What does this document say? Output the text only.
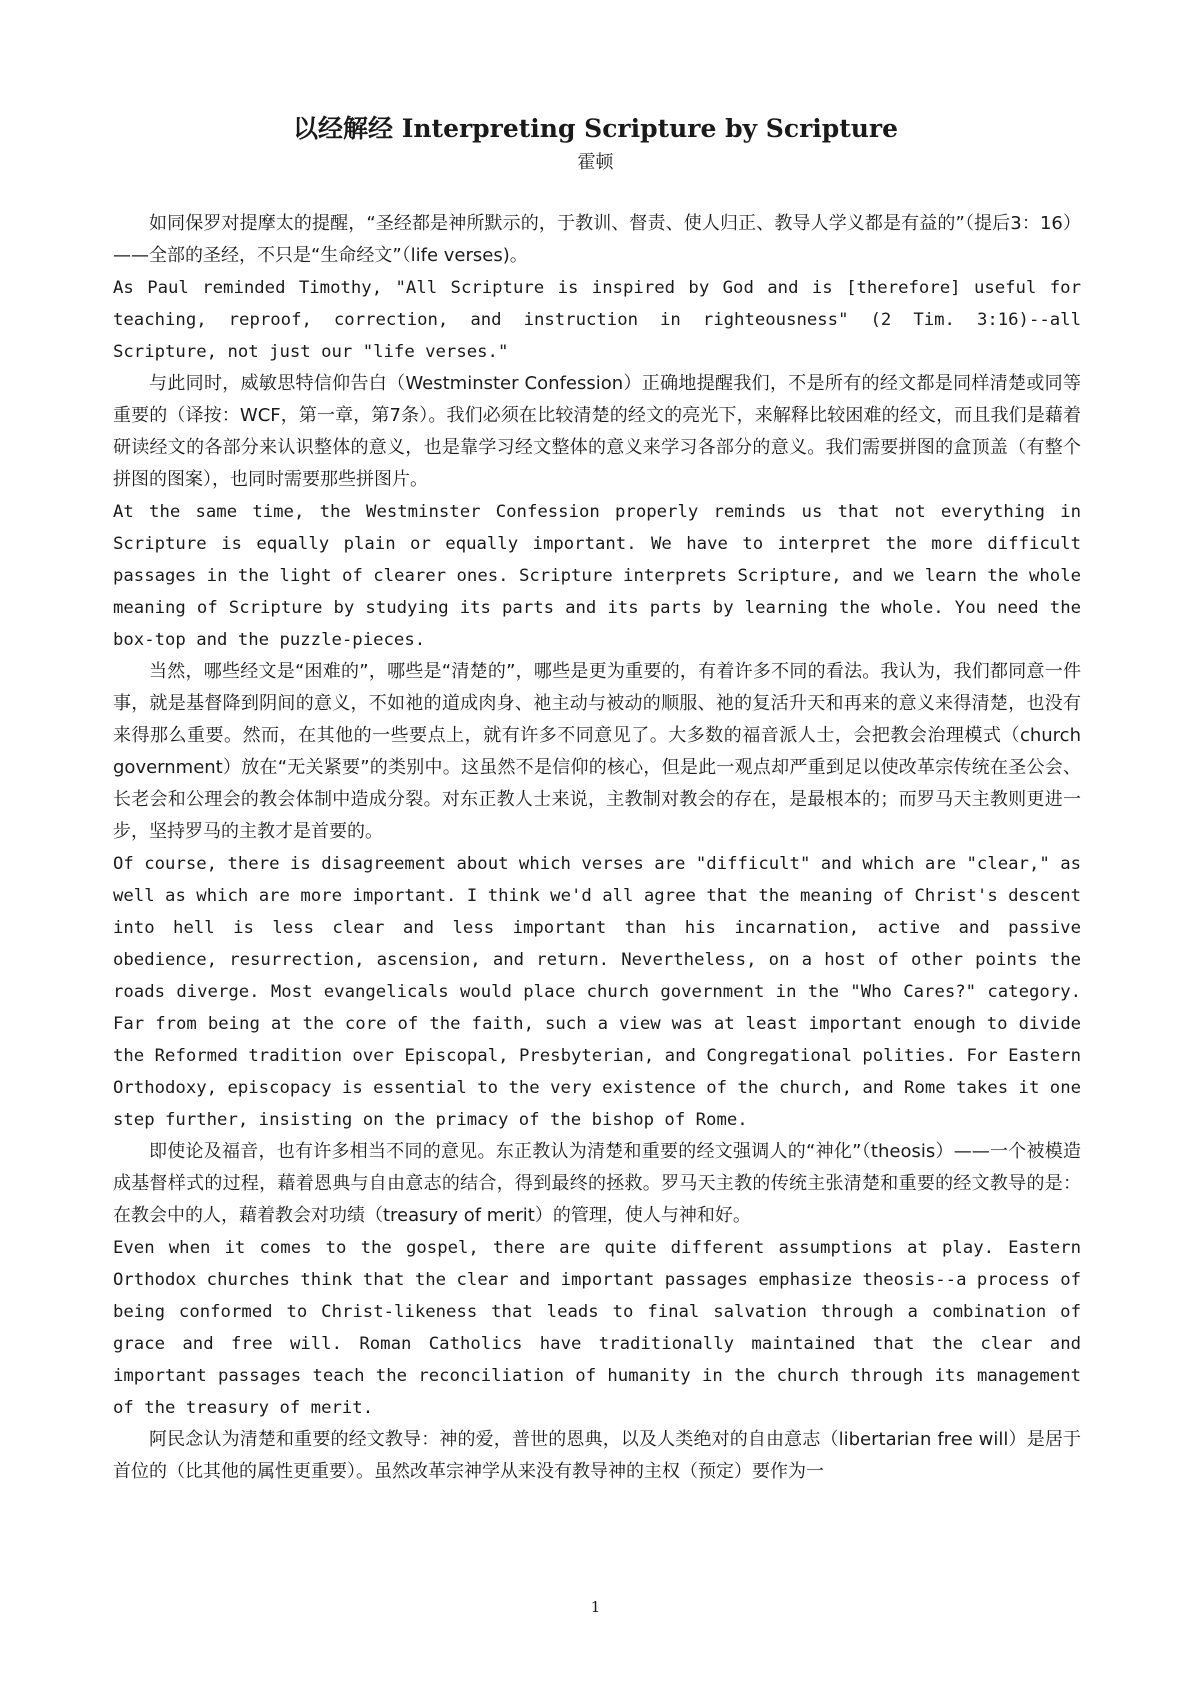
以经解经 Interpreting Scripture by Scripture
霍顿

如同保罗对提摩太的提醒，“圣经都是神所默示的，于教训、督责、使人归正、教导人学义都是有益的”（提后3：16）——全部的圣经，不只是“生命经文”（life verses)。

As Paul reminded Timothy, "All Scripture is inspired by God and is [therefore] useful for teaching, reproof, correction, and instruction in righteousness" (2 Tim. 3:16)--all Scripture, not just our "life verses."

与此同时，威敏思特信仰告白（Westminster Confession）正确地提醒我们，不是所有的经文都是同样清楚或同等重要的（译按：WCF，第一章，第7条）。我们必须在比较清楚的经文的亮光下，来解释比较困难的经文，而且我们是藉着研读经文的各部分来认识整体的意义，也是靠学习经文整体的意义来学习各部分的意义。我们需要拼图的盒顶盖（有整个拼图的图案），也同时需要那些拼图片。

At the same time, the Westminster Confession properly reminds us that not everything in Scripture is equally plain or equally important. We have to interpret the more difficult passages in the light of clearer ones. Scripture interprets Scripture, and we learn the whole meaning of Scripture by studying its parts and its parts by learning the whole. You need the box-top and the puzzle-pieces.

当然，哪些经文是“困难的”，哪些是“清楚的”，哪些是更为重要的，有着许多不同的看法。我认为，我们都同意一件事，就是基督降到阴间的意义，不如祂的道成肉身、祂主动与被动的顺服、祂的复活升天和再来的意义来得清楚，也没有来得那么重要。然而，在其他的一些要点上，就有许多不同意见了。大多数的福音派人士，会把教会治理模式（church government）放在“无关紧要”的类别中。这虽然不是信仰的核心，但是此一观点却严重到足以使改革宗传统在圣公会、长老会和公理会的教会体制中造成分裂。对东正教人士来说，主教制对教会的存在，是最根本的；而罗马天主教则更进一步，坚持罗马的主教才是首要的。

Of course, there is disagreement about which verses are "difficult" and which are "clear," as well as which are more important. I think we'd all agree that the meaning of Christ's descent into hell is less clear and less important than his incarnation, active and passive obedience, resurrection, ascension, and return. Nevertheless, on a host of other points the roads diverge. Most evangelicals would place church government in the "Who Cares?" category. Far from being at the core of the faith, such a view was at least important enough to divide the Reformed tradition over Episcopal, Presbyterian, and Congregational polities. For Eastern Orthodoxy, episcopacy is essential to the very existence of the church, and Rome takes it one step further, insisting on the primacy of the bishop of Rome.

即使论及福音，也有许多相当不同的意见。东正教认为清楚和重要的经文强调人的“神化”（theosis）——一个被模造成基督样式的过程，藉着恩典与自由意志的结合，得到最终的拯救。罗马天主教的传统主张清楚和重要的经文教导的是：在教会中的人，藉着教会对功绩（treasury of merit）的管理，使人与神和好。

Even when it comes to the gospel, there are quite different assumptions at play. Eastern Orthodox churches think that the clear and important passages emphasize theosis--a process of being conformed to Christ-likeness that leads to final salvation through a combination of grace and free will. Roman Catholics have traditionally maintained that the clear and important passages teach the reconciliation of humanity in the church through its management of the treasury of merit.

阿民念认为清楚和重要的经文教导：神的爱，普世的恩典，以及人类绝对的自由意志（libertarian free will）是居于首位的（比其他的属性更重要）。虽然改革宗神学从来没有教导神的主权（预定）要作为一

1
